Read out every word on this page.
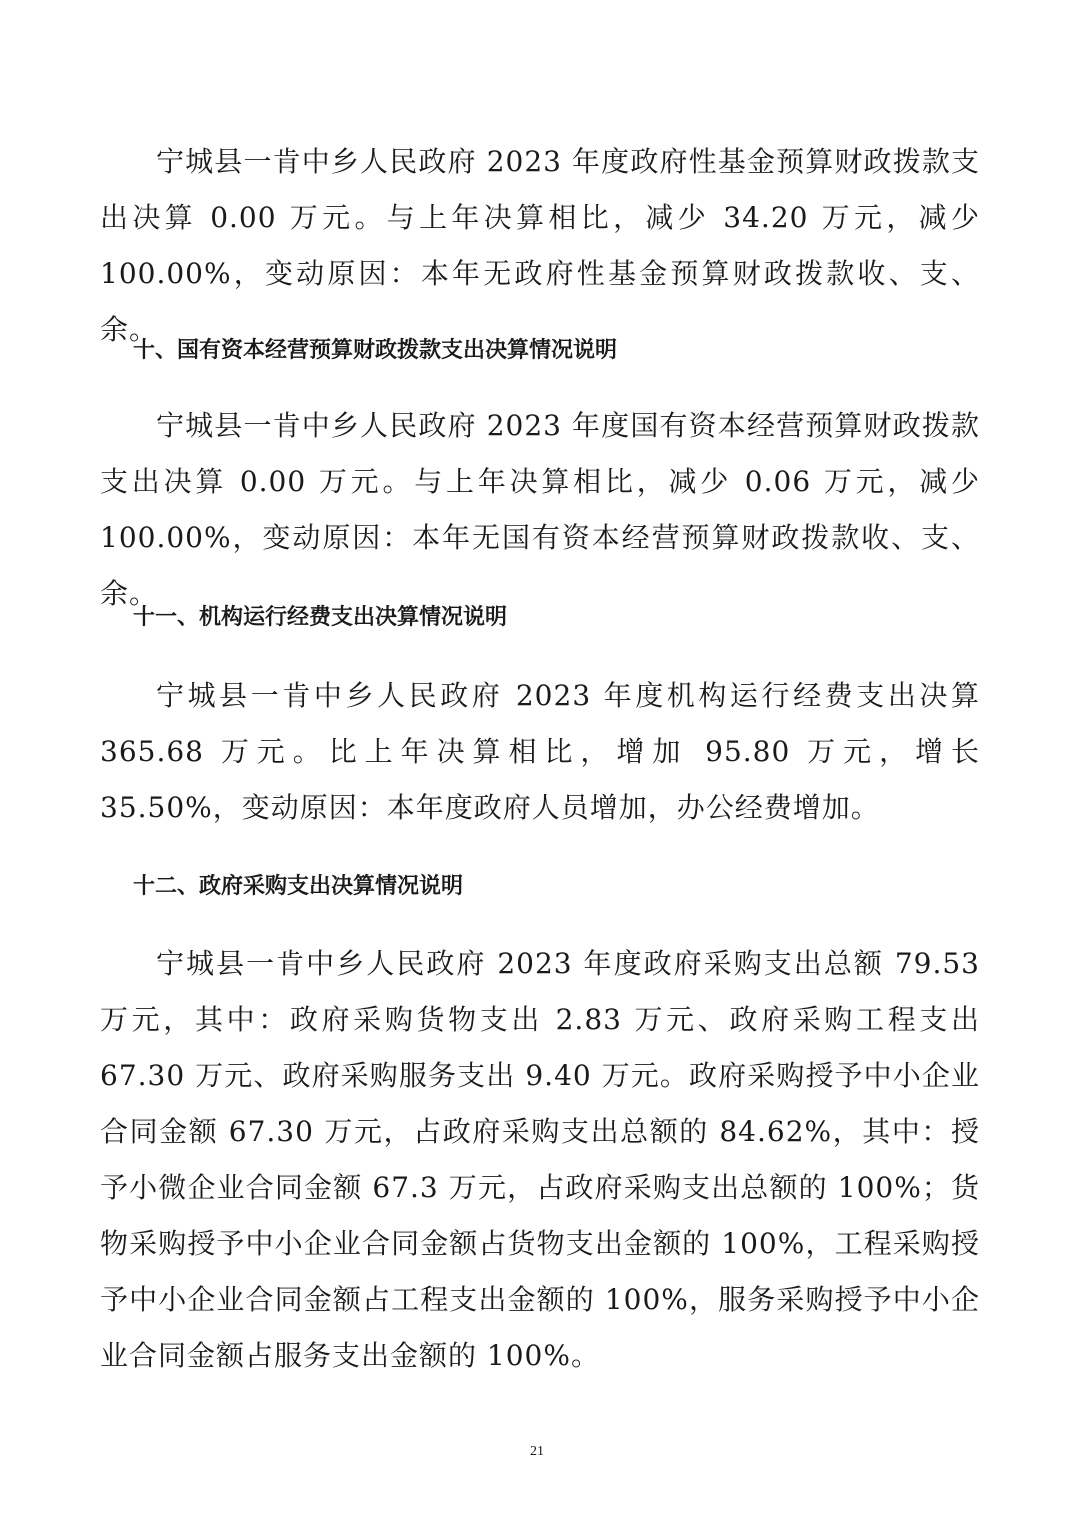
宁城县一肯中乡人民政府 2023 年度政府性基金预算财政拨款支出决算 0.00 万元。与上年决算相比，减少 34.20 万元，减少 100.00%，变动原因：本年无政府性基金预算财政拨款收、支、余。

十、国有资本经营预算财政拨款支出决算情况说明

宁城县一肯中乡人民政府 2023 年度国有资本经营预算财政拨款支出决算 0.00 万元。与上年决算相比，减少 0.06 万元，减少 100.00%，变动原因：本年无国有资本经营预算财政拨款收、支、余。

十一、机构运行经费支出决算情况说明

宁城县一肯中乡人民政府 2023 年度机构运行经费支出决算 365.68 万元。比上年决算相比，增加 95.80 万元，增长 35.50%，变动原因：本年度政府人员增加，办公经费增加。

十二、政府采购支出决算情况说明

宁城县一肯中乡人民政府 2023 年度政府采购支出总额 79.53 万元，其中：政府采购货物支出 2.83 万元、政府采购工程支出 67.30 万元、政府采购服务支出 9.40 万元。政府采购授予中小企业合同金额 67.30 万元，占政府采购支出总额的 84.62%，其中：授予小微企业合同金额 67.3 万元，占政府采购支出总额的 100%；货物采购授予中小企业合同金额占货物支出金额的 100%，工程采购授予中小企业合同金额占工程支出金额的 100%，服务采购授予中小企业合同金额占服务支出金额的 100%。

21
